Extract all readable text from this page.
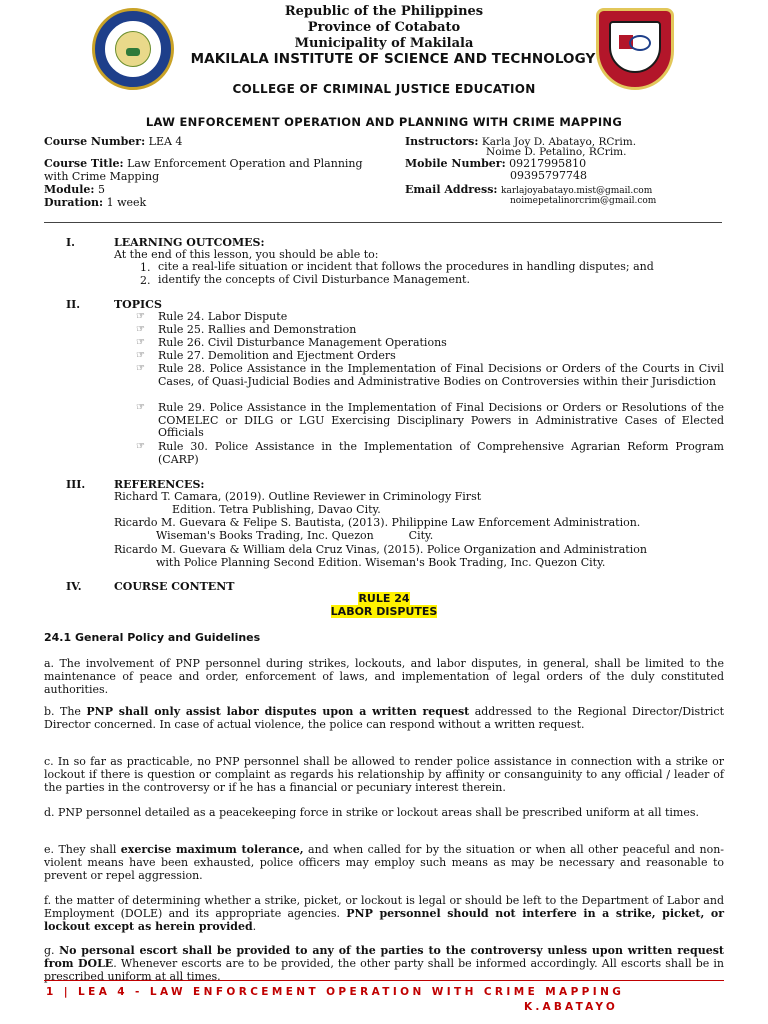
Republic of the Philippines
Province of Cotabato
Municipality of Makilala
MAKILALA INSTITUTE OF SCIENCE AND TECHNOLOGY
COLLEGE OF CRIMINAL JUSTICE EDUCATION
LAW ENFORCEMENT OPERATION AND PLANNING WITH CRIME MAPPING
Course Number: LEA 4
Course Title: Law Enforcement Operation and Planning
with Crime Mapping
Module: 5
Duration: 1 week
Instructors: Karla Joy D. Abatayo, RCrim.
Noime D. Petalino, RCrim.
Mobile Number: 09217995810
09395797748
Email Address: karlajoyabatayo.mist@gmail.com
noimepetalinorcrim@gmail.com
I.	LEARNING OUTCOMES:
At the end of this lesson, you should be able to:
1. cite a real-life situation or incident that follows the procedures in handling disputes; and
2. identify the concepts of Civil Disturbance Management.
II.	TOPICS
☞ Rule 24. Labor Dispute
☞ Rule 25. Rallies and Demonstration
☞ Rule 26. Civil Disturbance Management Operations
☞ Rule 27. Demolition and Ejectment Orders
☞ Rule 28. Police Assistance in the Implementation of Final Decisions or Orders of the Courts in Civil Cases, of Quasi-Judicial Bodies and Administrative Bodies on Controversies within their Jurisdiction
☞ Rule 29. Police Assistance in the Implementation of Final Decisions or Orders or Resolutions of the COMELEC or DILG or LGU Exercising Disciplinary Powers in Administrative Cases of Elected Officials
☞ Rule 30. Police Assistance in the Implementation of Comprehensive Agrarian Reform Program (CARP)
III.	REFERENCES:
Richard T. Camara, (2019). Outline Reviewer in Criminology First
Edition. Tetra Publishing, Davao City.
Ricardo M. Guevara & Felipe S. Bautista, (2013). Philippine Law Enforcement Administration.
Wiseman's Books Trading, Inc. Quezon          City.
Ricardo M. Guevara & William dela Cruz Vinas, (2015). Police Organization and Administration
with Police Planning Second Edition. Wiseman's Book Trading, Inc. Quezon City.
IV.	COURSE CONTENT
RULE 24
LABOR DISPUTES
24.1 General Policy and Guidelines
a. The involvement of PNP personnel during strikes, lockouts, and labor disputes, in general, shall be limited to the maintenance of peace and order, enforcement of laws, and implementation of legal orders of the duly constituted authorities.
b. The PNP shall only assist labor disputes upon a written request addressed to the Regional Director/District Director concerned. In case of actual violence, the police can respond without a written request.
c. In so far as practicable, no PNP personnel shall be allowed to render police assistance in connection with a strike or lockout if there is question or complaint as regards his relationship by affinity or consanguinity to any official / leader of the parties in the controversy or if he has a financial or pecuniary interest therein.
d. PNP personnel detailed as a peacekeeping force in strike or lockout areas shall be prescribed uniform at all times.
e. They shall exercise maximum tolerance, and when called for by the situation or when all other peaceful and non-violent means have been exhausted, police officers may employ such means as may be necessary and reasonable to prevent or repel aggression.
f. the matter of determining whether a strike, picket, or lockout is legal or should be left to the Department of Labor and Employment (DOLE) and its appropriate agencies. PNP personnel should not interfere in a strike, picket, or lockout except as herein provided.
g. No personal escort shall be provided to any of the parties to the controversy unless upon written request from DOLE. Whenever escorts are to be provided, the other party shall be informed accordingly. All escorts shall be in prescribed uniform at all times.
1 | LEA 4 - LAW ENFORCEMENT OPERATION WITH CRIME MAPPING
K.ABATAYO
